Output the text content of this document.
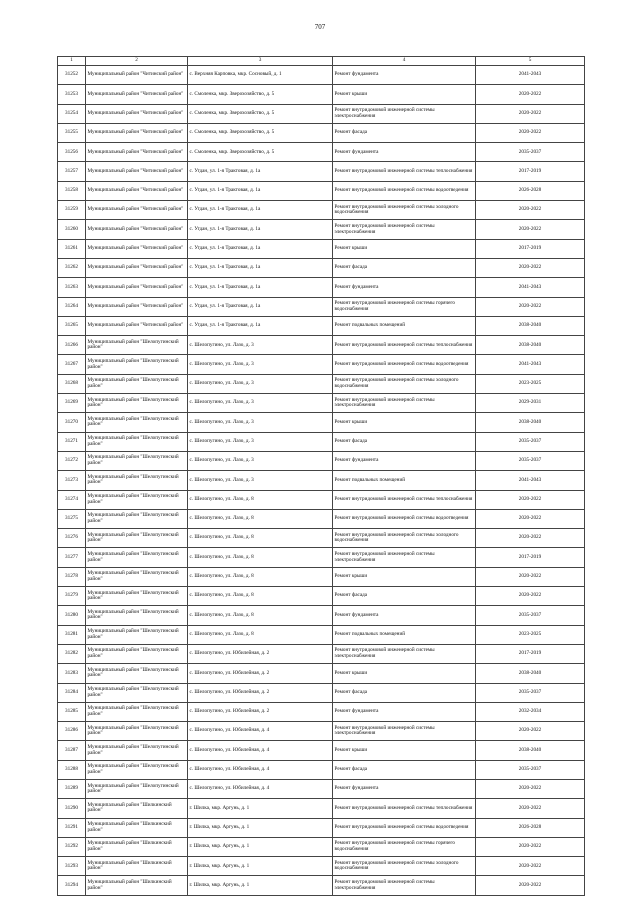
707
1	2	3	4	5
31252	Муниципальный район "Читинский район"	с. Верхняя Карповка, мкр. Сосновый, д. 1	Ремонт фундамента	2041-2043
31253	Муниципальный район "Читинский район"	с. Смоленка, мкр. Зверохозяйство, д. 5	Ремонт крыши	2020-2022
31254	Муниципальный район "Читинский район"	с. Смоленка, мкр. Зверохозяйство, д. 5	Ремонт внутридомовой инженерной системы электроснабжения	2020-2022
31255	Муниципальный район "Читинский район"	с. Смоленка, мкр. Зверохозяйство, д. 5	Ремонт фасада	2020-2022
31256	Муниципальный район "Читинский район"	с. Смоленка, мкр. Зверохозяйство, д. 5	Ремонт фундамента	2035-2037
31257	Муниципальный район "Читинский район"	с. Угдан, ул. 1-я Трактовая, д. 1а	Ремонт внутридомовой инженерной системы теплоснабжения	2017-2019
31258	Муниципальный район "Читинский район"	с. Угдан, ул. 1-я Трактовая, д. 1а	Ремонт внутридомовой инженерной системы водоотведения	2026-2028
31259	Муниципальный район "Читинский район"	с. Угдан, ул. 1-я Трактовая, д. 1а	Ремонт внутридомовой инженерной системы холодного водоснабжения	2020-2022
31260	Муниципальный район "Читинский район"	с. Угдан, ул. 1-я Трактовая, д. 1а	Ремонт внутридомовой инженерной системы электроснабжения	2020-2022
31261	Муниципальный район "Читинский район"	с. Угдан, ул. 1-я Трактовая, д. 1а	Ремонт крыши	2017-2019
31262	Муниципальный район "Читинский район"	с. Угдан, ул. 1-я Трактовая, д. 1а	Ремонт фасада	2020-2022
31263	Муниципальный район "Читинский район"	с. Угдан, ул. 1-я Трактовая, д. 1а	Ремонт фундамента	2041-2043
31264	Муниципальный район "Читинский район"	с. Угдан, ул. 1-я Трактовая, д. 1а	Ремонт внутридомовой инженерной системы горячего водоснабжения	2020-2022
31265	Муниципальный район "Читинский район"	с. Угдан, ул. 1-я Трактовая, д. 1а	Ремонт подвальных помещений	2038-2040
31266	Муниципальный район "Шелопугинский район"	с. Шелопугино, ул. Лазо, д. 3	Ремонт внутридомовой инженерной системы теплоснабжения	2038-2040
31267	Муниципальный район "Шелопугинский район"	с. Шелопугино, ул. Лазо, д. 3	Ремонт внутридомовой инженерной системы водоотведения	2041-2043
31268	Муниципальный район "Шелопугинский район"	с. Шелопугино, ул. Лазо, д. 3	Ремонт внутридомовой инженерной системы холодного водоснабжения	2023-2025
31269	Муниципальный район "Шелопугинский район"	с. Шелопугино, ул. Лазо, д. 3	Ремонт внутридомовой инженерной системы электроснабжения	2029-2031
31270	Муниципальный район "Шелопугинский район"	с. Шелопугино, ул. Лазо, д. 3	Ремонт крыши	2038-2040
31271	Муниципальный район "Шелопугинский район"	с. Шелопугино, ул. Лазо, д. 3	Ремонт фасада	2035-2037
31272	Муниципальный район "Шелопугинский район"	с. Шелопугино, ул. Лазо, д. 3	Ремонт фундамента	2035-2037
31273	Муниципальный район "Шелопугинский район"	с. Шелопугино, ул. Лазо, д. 3	Ремонт подвальных помещений	2041-2043
31274	Муниципальный район "Шелопугинский район"	с. Шелопугино, ул. Лазо, д. 8	Ремонт внутридомовой инженерной системы теплоснабжения	2020-2022
31275	Муниципальный район "Шелопугинский район"	с. Шелопугино, ул. Лазо, д. 8	Ремонт внутридомовой инженерной системы водоотведения	2020-2022
31276	Муниципальный район "Шелопугинский район"	с. Шелопугино, ул. Лазо, д. 8	Ремонт внутридомовой инженерной системы холодного водоснабжения	2020-2022
31277	Муниципальный район "Шелопугинский район"	с. Шелопугино, ул. Лазо, д. 8	Ремонт внутридомовой инженерной системы электроснабжения	2017-2019
31278	Муниципальный район "Шелопугинский район"	с. Шелопугино, ул. Лазо, д. 8	Ремонт крыши	2020-2022
31279	Муниципальный район "Шелопугинский район"	с. Шелопугино, ул. Лазо, д. 8	Ремонт фасада	2020-2022
31280	Муниципальный район "Шелопугинский район"	с. Шелопугино, ул. Лазо, д. 8	Ремонт фундамента	2035-2037
31281	Муниципальный район "Шелопугинский район"	с. Шелопугино, ул. Лазо, д. 8	Ремонт подвальных помещений	2023-2025
31282	Муниципальный район "Шелопугинский район"	с. Шелопугино, ул. Юбилейная, д. 2	Ремонт внутридомовой инженерной системы электроснабжения	2017-2019
31283	Муниципальный район "Шелопугинский район"	с. Шелопугино, ул. Юбилейная, д. 2	Ремонт крыши	2038-2040
31284	Муниципальный район "Шелопугинский район"	с. Шелопугино, ул. Юбилейная, д. 2	Ремонт фасада	2035-2037
31285	Муниципальный район "Шелопугинский район"	с. Шелопугино, ул. Юбилейная, д. 2	Ремонт фундамента	2032-2034
31286	Муниципальный район "Шелопугинский район"	с. Шелопугино, ул. Юбилейная, д. 4	Ремонт внутридомовой инженерной системы электроснабжения	2020-2022
31287	Муниципальный район "Шелопугинский район"	с. Шелопугино, ул. Юбилейная, д. 4	Ремонт крыши	2038-2040
31288	Муниципальный район "Шелопугинский район"	с. Шелопугино, ул. Юбилейная, д. 4	Ремонт фасада	2035-2037
31289	Муниципальный район "Шелопугинский район"	с. Шелопугино, ул. Юбилейная, д. 4	Ремонт фундамента	2020-2022
31290	Муниципальный район "Шилкинский район"	г. Шилка, мкр. Аргунь, д. 1	Ремонт внутридомовой инженерной системы теплоснабжения	2020-2022
31291	Муниципальный район "Шилкинский район"	г. Шилка, мкр. Аргунь, д. 1	Ремонт внутридомовой инженерной системы водоотведения	2026-2028
31292	Муниципальный район "Шилкинский район"	г. Шилка, мкр. Аргунь, д. 1	Ремонт внутридомовой инженерной системы горячего водоснабжения	2020-2022
31293	Муниципальный район "Шилкинский район"	г. Шилка, мкр. Аргунь, д. 1	Ремонт внутридомовой инженерной системы холодного водоснабжения	2020-2022
31294	Муниципальный район "Шилкинский район"	г. Шилка, мкр. Аргунь, д. 1	Ремонт внутридомовой инженерной системы электроснабжения	2020-2022
